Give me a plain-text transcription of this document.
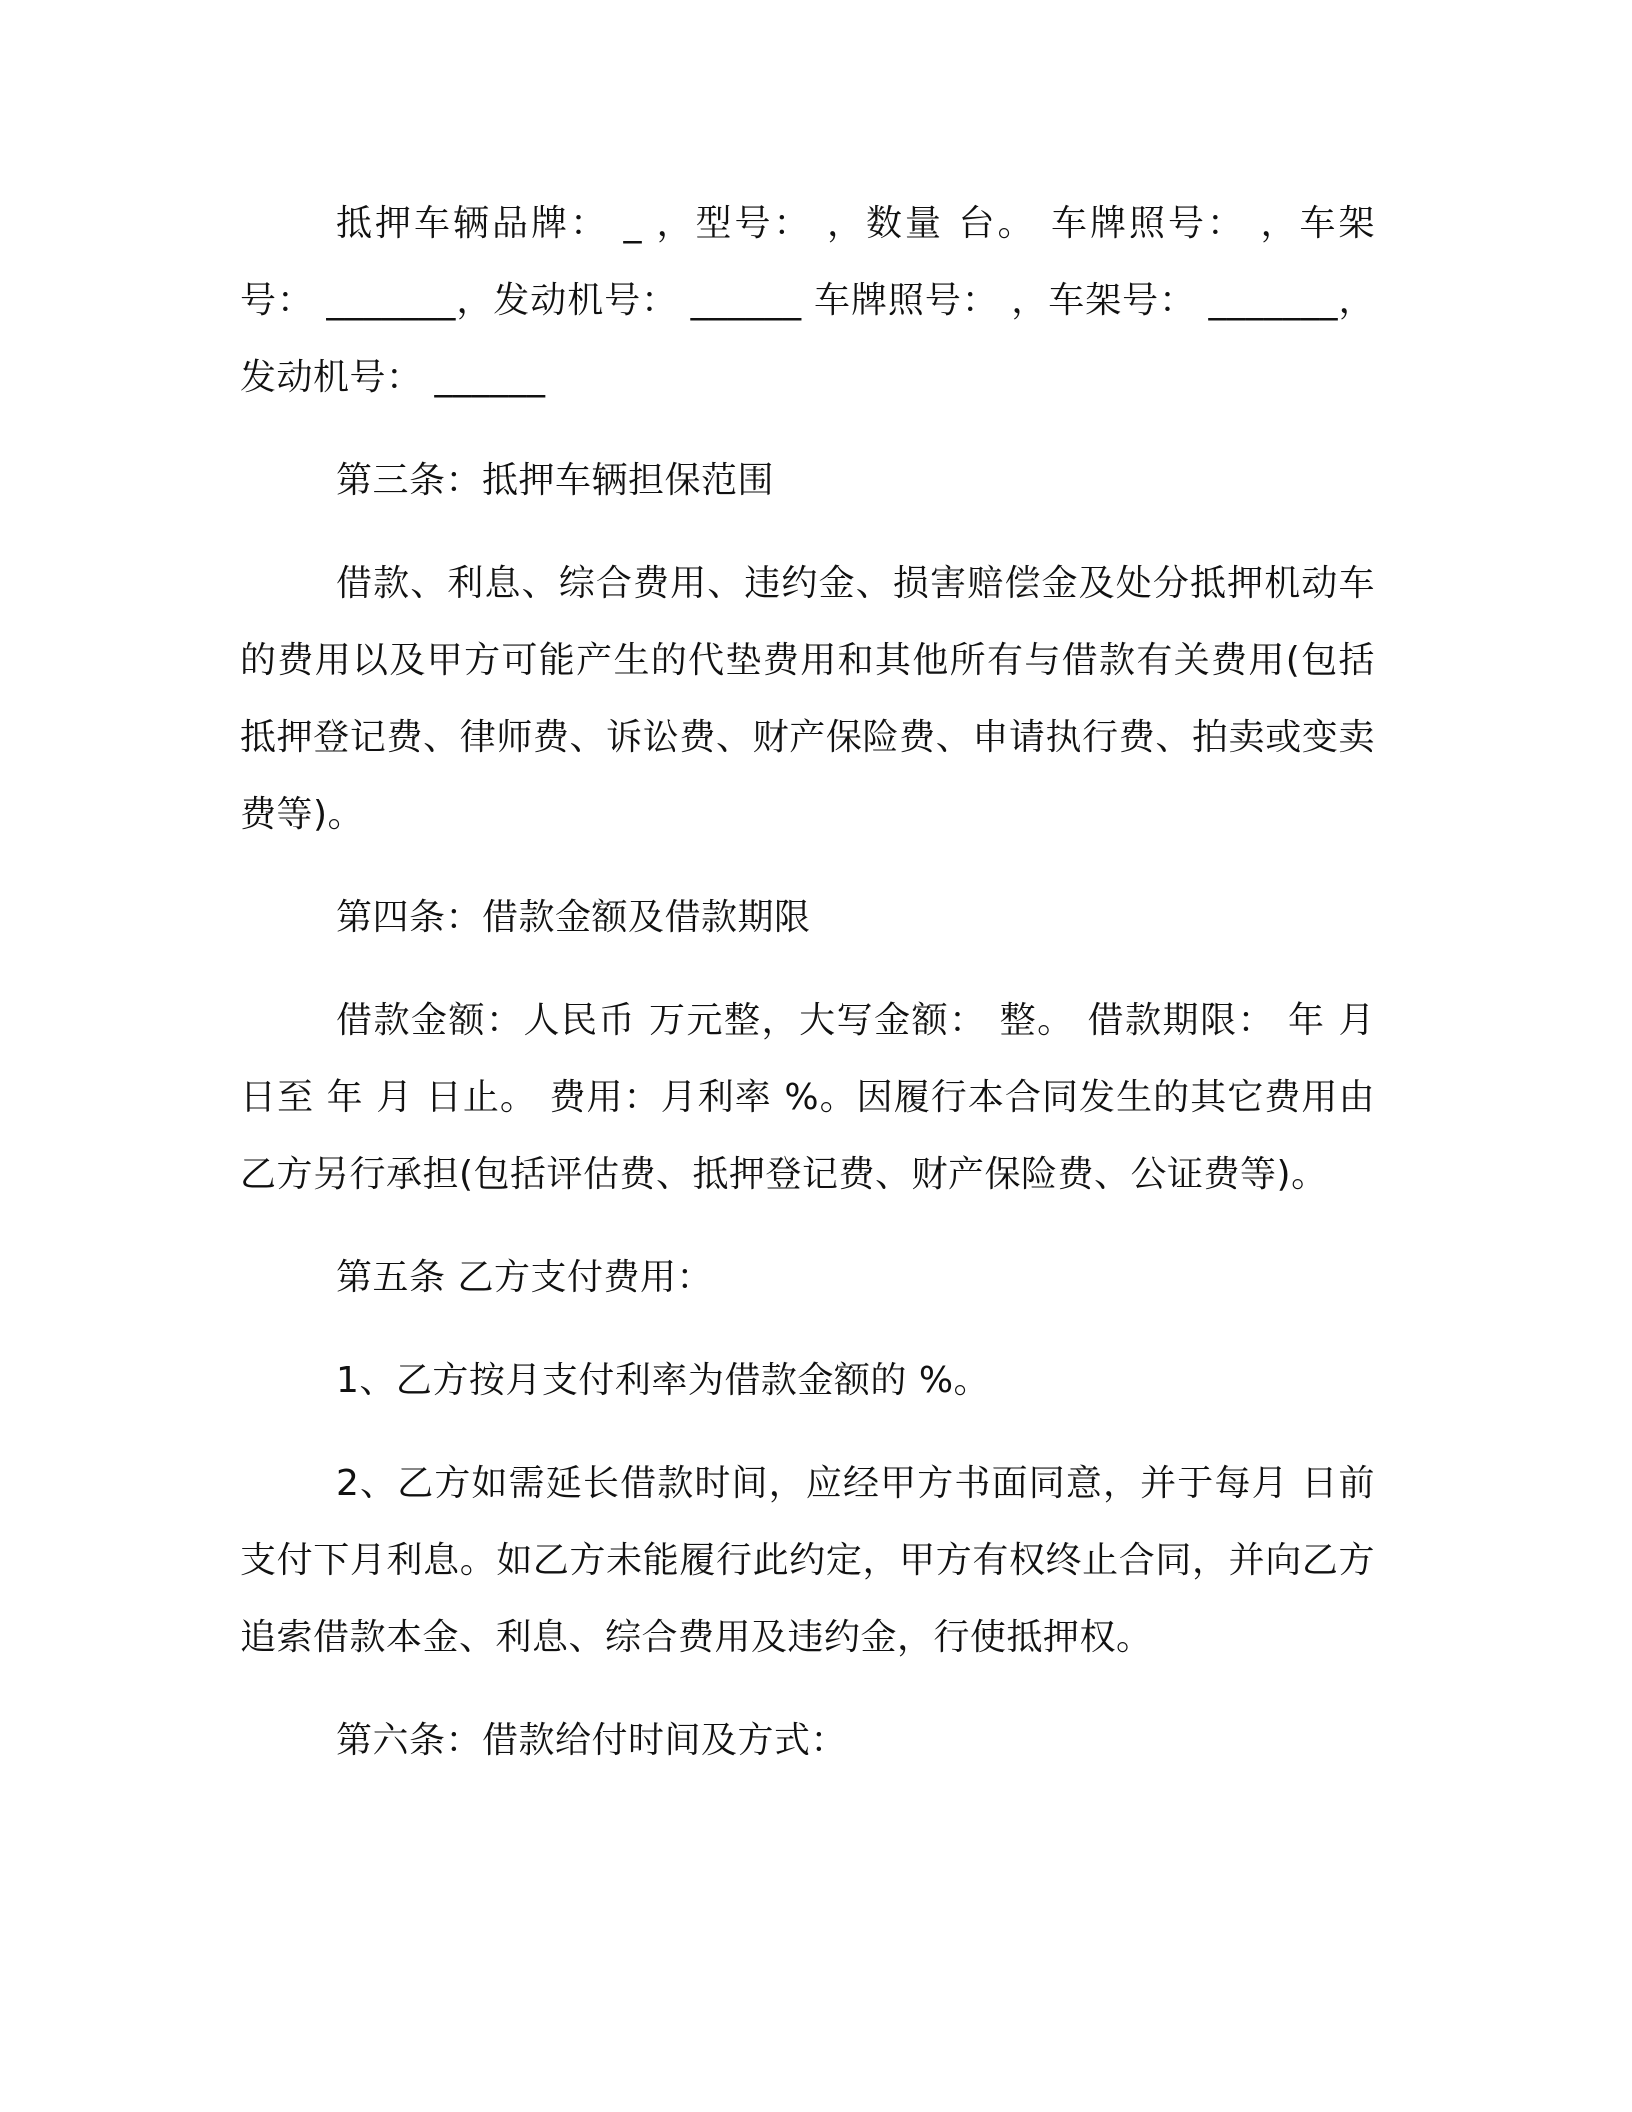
抵押车辆品牌： _ ，型号： ，数量 台。 车牌照号： ，车架号： _______，发动机号： ______ 车牌照号： ，车架号： _______，发动机号： ______

第三条：抵押车辆担保范围

借款、利息、综合费用、违约金、损害赔偿金及处分抵押机动车的费用以及甲方可能产生的代垫费用和其他所有与借款有关费用(包括抵押登记费、律师费、诉讼费、财产保险费、申请执行费、拍卖或变卖费等)。

第四条：借款金额及借款期限

借款金额：人民币 万元整，大写金额： 整。 借款期限： 年 月 日至 年 月 日止。 费用：月利率 %。因履行本合同发生的其它费用由乙方另行承担(包括评估费、抵押登记费、财产保险费、公证费等)。

第五条 乙方支付费用：

1、乙方按月支付利率为借款金额的 %。

2、乙方如需延长借款时间，应经甲方书面同意，并于每月 日前支付下月利息。如乙方未能履行此约定，甲方有权终止合同，并向乙方追索借款本金、利息、综合费用及违约金，行使抵押权。

第六条：借款给付时间及方式：
